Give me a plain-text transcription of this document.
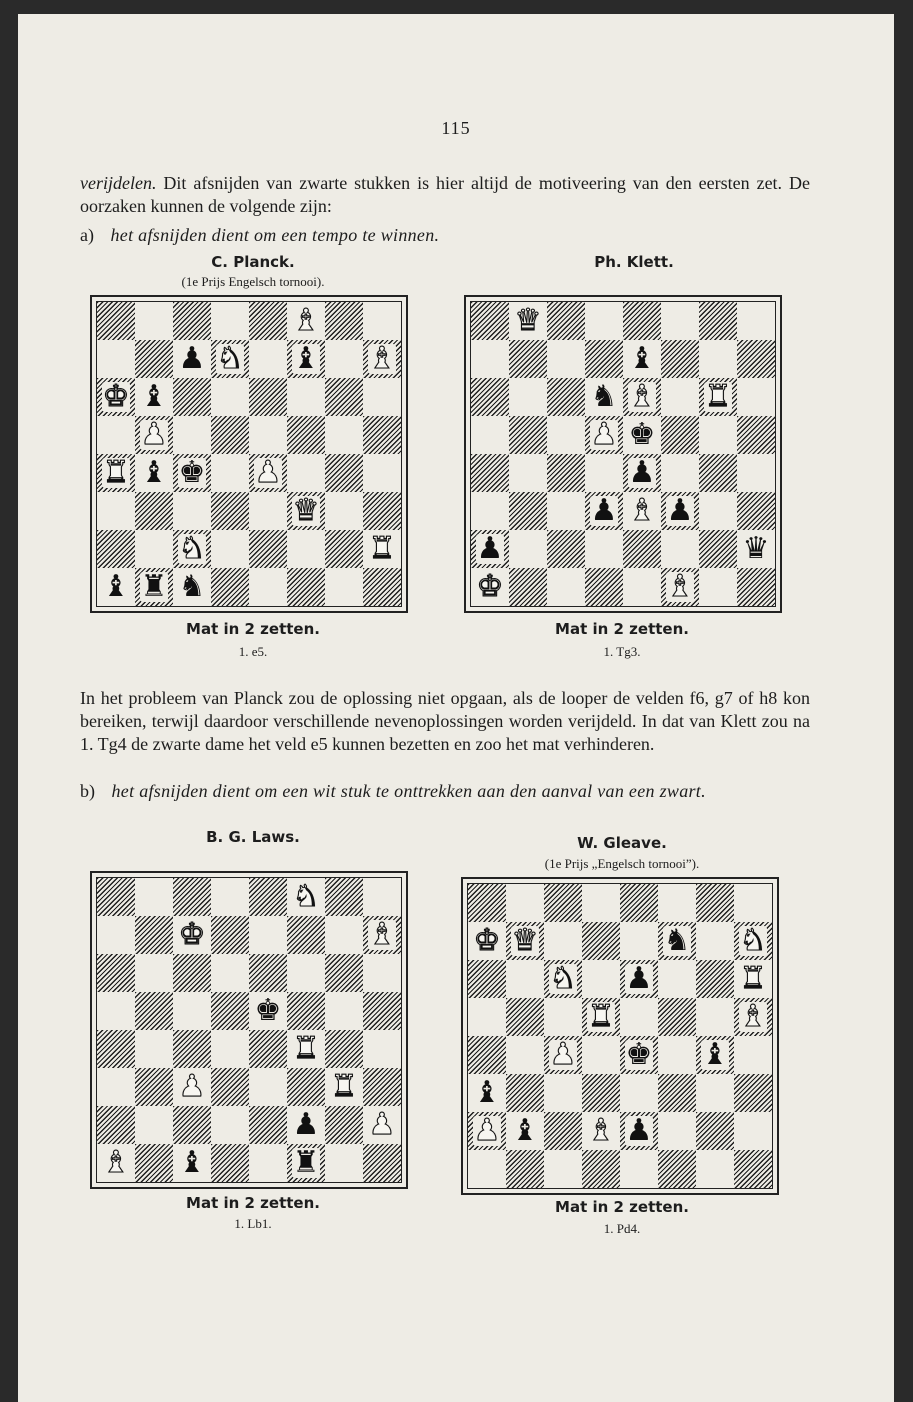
115
verijdelen. Dit afsnijden van zwarte stukken is hier altijd de motiveering van den eersten zet. De oorzaken kunnen de volgende zijn:
a) het afsnijden dient om een tempo te winnen.
C. Planck.
(1e Prijs Engelsch tornooi).
♝
♟ ♞ ♝ ♝
♚ ♝
♟
♜ ♝ ♚ ♟
♛
♞	♜
♝ ♜ ♞
Mat in 2 zetten.
1. e5.
Ph. Klett.
♛
♝
♞ ♝ ♜
♟ ♚
♟
♟ ♝ ♟
♟	♛
♚	♝
Mat in 2 zetten.
1. Tg3.
In het probleem van Planck zou de oplossing niet opgaan, als de looper de velden f6, g7 of h8 kon bereiken, terwijl daardoor verschillende nevenoplossingen worden verijdeld. In dat van Klett zou na 1. Tg4 de zwarte dame het veld e5 kunnen bezetten en zoo het mat verhinderen.
b) het afsnijden dient om een wit stuk te onttrekken aan den aanval van een zwart.
B. G. Laws.
♞
♚	♝
♚
♜
♟	♜
♟ ♟
♝ ♝	♜
Mat in 2 zetten.
1. Lb1.
W. Gleave.
(1e Prijs „Engelsch tornooi”).
♚ ♛	♞ ♞
♞ ♟	♜
♜	♝
♟ ♚ ♝
♝
♟ ♝ ♝ ♟
Mat in 2 zetten.
1. Pd4.
